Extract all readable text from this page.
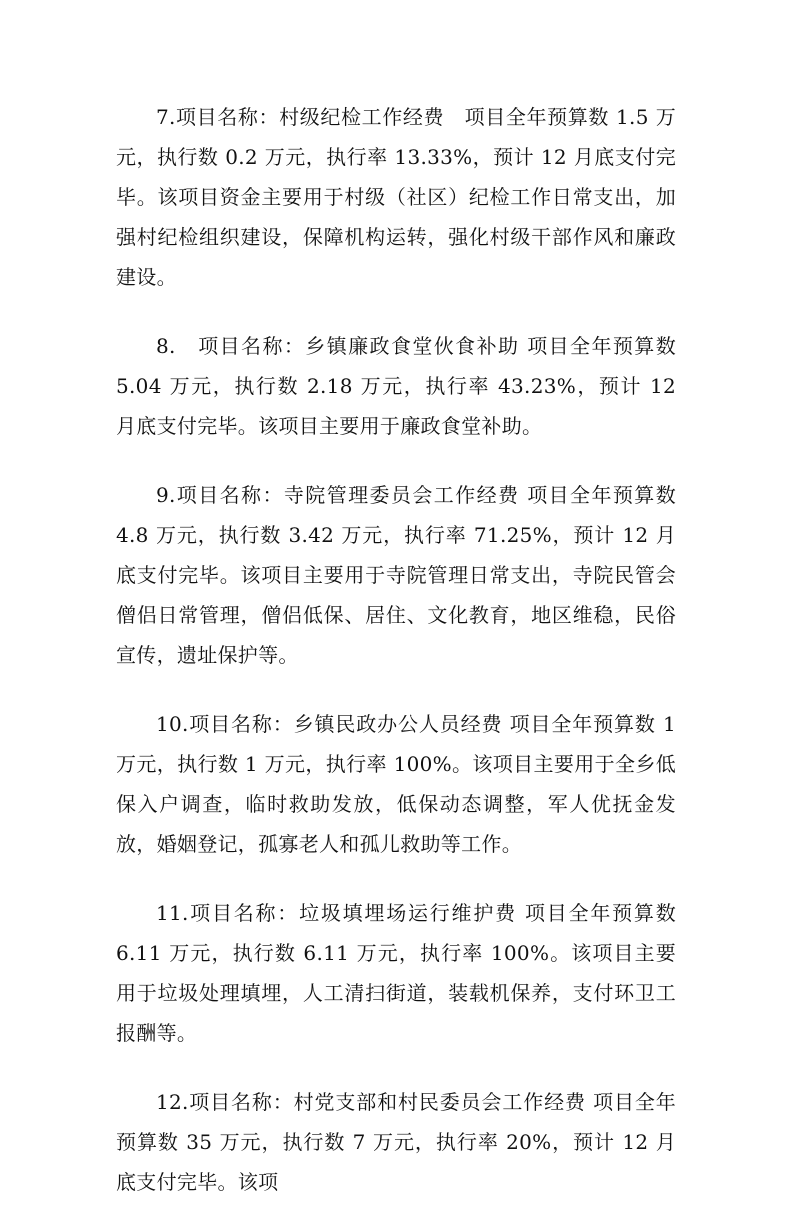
7.项目名称：村级纪检工作经费　项目全年预算数 1.5 万元，执行数 0.2 万元，执行率 13.33%，预计 12 月底支付完毕。该项目资金主要用于村级（社区）纪检工作日常支出，加强村纪检组织建设，保障机构运转，强化村级干部作风和廉政建设。

8.　项目名称：乡镇廉政食堂伙食补助 项目全年预算数 5.04 万元，执行数 2.18 万元，执行率 43.23%，预计 12 月底支付完毕。该项目主要用于廉政食堂补助。

9.项目名称：寺院管理委员会工作经费 项目全年预算数 4.8 万元，执行数 3.42 万元，执行率 71.25%，预计 12 月底支付完毕。该项目主要用于寺院管理日常支出，寺院民管会僧侣日常管理，僧侣低保、居住、文化教育，地区维稳，民俗宣传，遗址保护等。

10.项目名称：乡镇民政办公人员经费 项目全年预算数 1 万元，执行数 1 万元，执行率 100%。该项目主要用于全乡低保入户调查，临时救助发放，低保动态调整，军人优抚金发放，婚姻登记，孤寡老人和孤儿救助等工作。

11.项目名称：垃圾填埋场运行维护费 项目全年预算数 6.11 万元，执行数 6.11 万元，执行率 100%。该项目主要用于垃圾处理填埋，人工清扫街道，装载机保养，支付环卫工报酬等。

12.项目名称：村党支部和村民委员会工作经费 项目全年预算数 35 万元，执行数 7 万元，执行率 20%，预计 12 月底支付完毕。该项
